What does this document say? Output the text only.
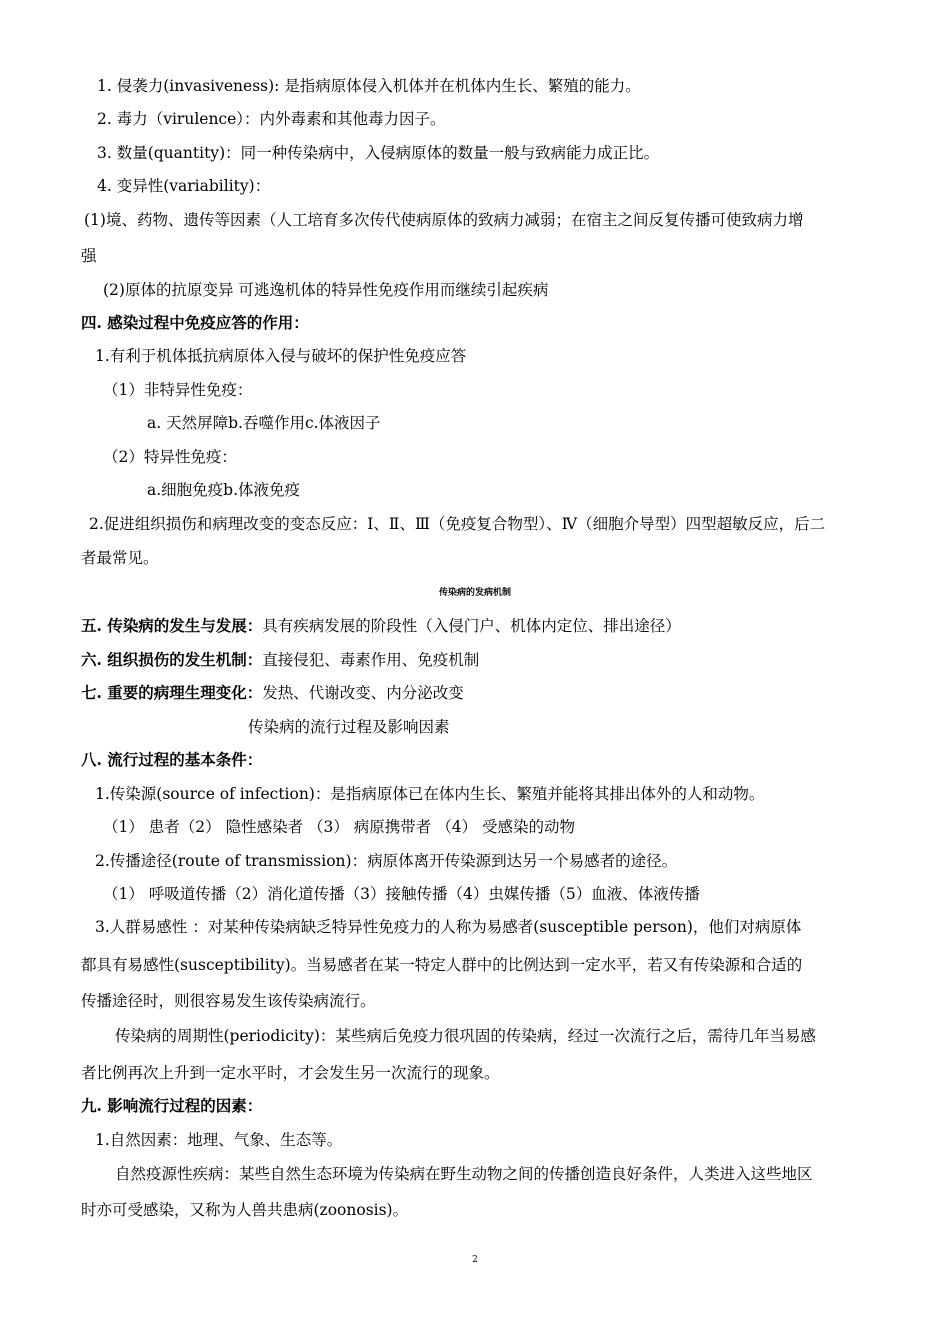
1. 侵袭力(invasiveness): 是指病原体侵入机体并在机体内生长、繁殖的能力。
2. 毒力（virulence）：内外毒素和其他毒力因子。
3. 数量(quantity)：同一种传染病中，入侵病原体的数量一般与致病能力成正比。
4. 变异性(variability)：
(1)境、药物、遗传等因素（人工培育多次传代使病原体的致病力减弱；在宿主之间反复传播可使致病力增
强
(2)原体的抗原变异 可逃逸机体的特异性免疫作用而继续引起疾病
四. 感染过程中免疫应答的作用：
1.有利于机体抵抗病原体入侵与破坏的保护性免疫应答
（1）非特异性免疫：
a. 天然屏障b.吞噬作用c.体液因子
（2）特异性免疫：
a.细胞免疫b.体液免疫
2.促进组织损伤和病理改变的变态反应：Ⅰ、Ⅱ、Ⅲ（免疫复合物型）、Ⅳ（细胞介导型）四型超敏反应，后二
者最常见。
传染病的发病机制
五. 传染病的发生与发展：具有疾病发展的阶段性（入侵门户、机体内定位、排出途径）
六. 组织损伤的发生机制：直接侵犯、毒素作用、免疫机制
七. 重要的病理生理变化：发热、代谢改变、内分泌改变
传染病的流行过程及影响因素
八. 流行过程的基本条件：
1.传染源(source of infection)：是指病原体已在体内生长、繁殖并能将其排出体外的人和动物。
（1） 患者（2） 隐性感染者 （3） 病原携带者 （4） 受感染的动物
2.传播途径(route of transmission)：病原体离开传染源到达另一个易感者的途径。
（1） 呼吸道传播（2）消化道传播（3）接触传播（4）虫媒传播（5）血液、体液传播
3.人群易感性 ：对某种传染病缺乏特异性免疫力的人称为易感者(susceptible person)，他们对病原体
都具有易感性(susceptibility)。当易感者在某一特定人群中的比例达到一定水平，若又有传染源和合适的
传播途径时，则很容易发生该传染病流行。
传染病的周期性(periodicity)：某些病后免疫力很巩固的传染病，经过一次流行之后，需待几年当易感
者比例再次上升到一定水平时，才会发生另一次流行的现象。
九. 影响流行过程的因素：
1.自然因素：地理、气象、生态等。
自然疫源性疾病：某些自然生态环境为传染病在野生动物之间的传播创造良好条件，人类进入这些地区
时亦可受感染，又称为人兽共患病(zoonosis)。
2
